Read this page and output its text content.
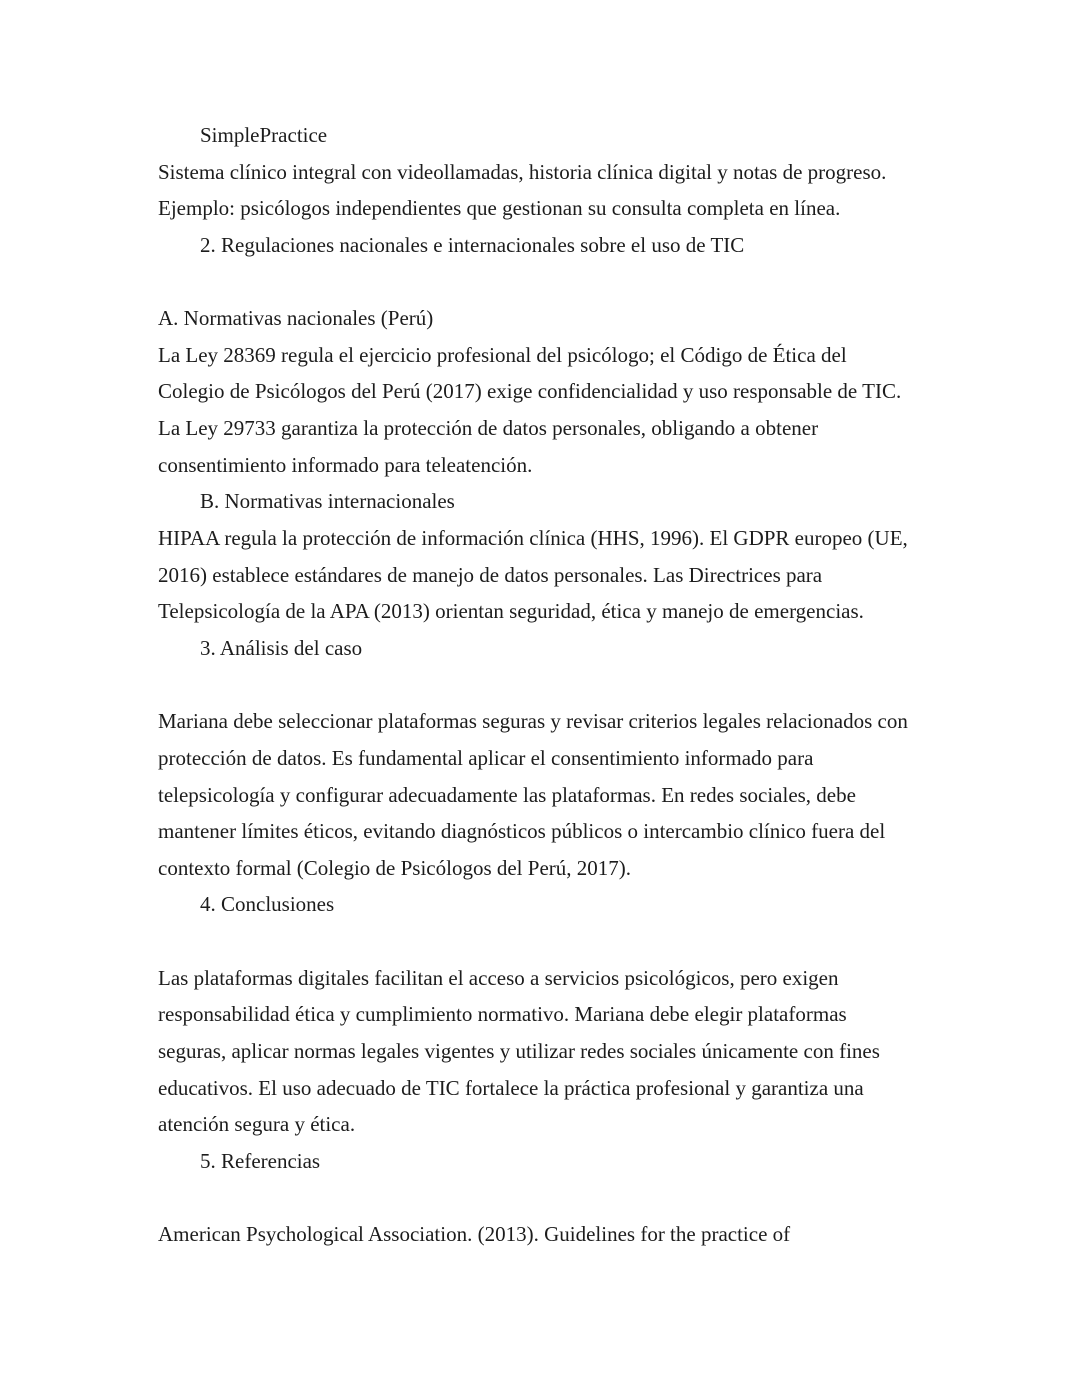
SimplePractice
Sistema clínico integral con videollamadas, historia clínica digital y notas de progreso.
Ejemplo: psicólogos independientes que gestionan su consulta completa en línea.
2. Regulaciones nacionales e internacionales sobre el uso de TIC

A. Normativas nacionales (Perú)
La Ley 28369 regula el ejercicio profesional del psicólogo; el Código de Ética del
Colegio de Psicólogos del Perú (2017) exige confidencialidad y uso responsable de TIC.
La Ley 29733 garantiza la protección de datos personales, obligando a obtener
consentimiento informado para teleatención.
B. Normativas internacionales
HIPAA regula la protección de información clínica (HHS, 1996). El GDPR europeo (UE,
2016) establece estándares de manejo de datos personales. Las Directrices para
Telepsicología de la APA (2013) orientan seguridad, ética y manejo de emergencias.
3. Análisis del caso

Mariana debe seleccionar plataformas seguras y revisar criterios legales relacionados con
protección de datos. Es fundamental aplicar el consentimiento informado para
telepsicología y configurar adecuadamente las plataformas. En redes sociales, debe
mantener límites éticos, evitando diagnósticos públicos o intercambio clínico fuera del
contexto formal (Colegio de Psicólogos del Perú, 2017).
4. Conclusiones

Las plataformas digitales facilitan el acceso a servicios psicológicos, pero exigen
responsabilidad ética y cumplimiento normativo. Mariana debe elegir plataformas
seguras, aplicar normas legales vigentes y utilizar redes sociales únicamente con fines
educativos. El uso adecuado de TIC fortalece la práctica profesional y garantiza una
atención segura y ética.
5. Referencias

American Psychological Association. (2013). Guidelines for the practice of
